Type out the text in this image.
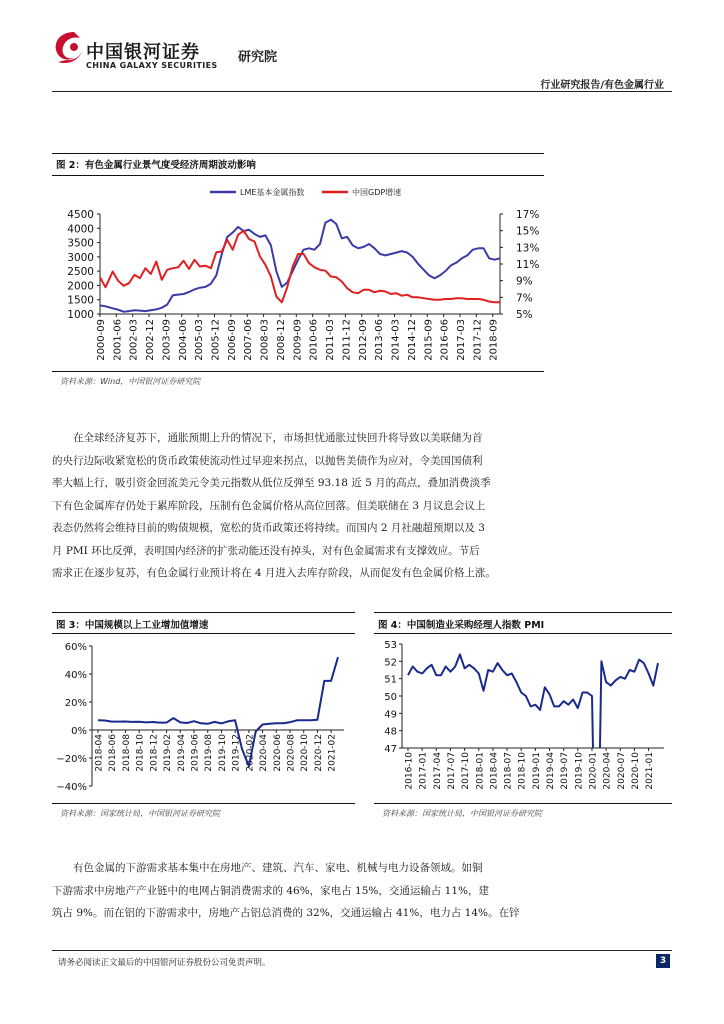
中国银河证券
CHINA GALAXY SECURITIES
研究院
行业研究报告/有色金属行业
图 2：有色金属行业景气度受经济周期波动影响
LME基本金属指数	中国GDP增速
4500
4000
3500
3000
2500
2000
1500
1000
17%
15%
13%
11%
9%
7%
5%
2000-09 2001-06 2002-03 2002-12 2003-09 2004-06 2005-03 2005-12 2006-09 2007-06 2008-03 2008-12 2009-09 2010-06 2011-03 2011-12 2012-09 2013-06 2014-03 2014-12 2015-09 2016-06 2017-03 2017-12 2018-09
资料来源：Wind，中国银河证券研究院
在全球经济复苏下，通胀预期上升的情况下，市场担忧通胀过快回升将导致以美联储为首
的央行边际收紧宽松的货币政策使流动性过早迎来拐点，以抛售美债作为应对，令美国国债利
率大幅上行，吸引资金回流美元令美元指数从低位反弹至 93.18 近 5 月的高点，叠加消费淡季
下有色金属库存仍处于累库阶段，压制有色金属价格从高位回落。但美联储在 3 月议息会议上
表态仍然将会维持目前的购债规模，宽松的货币政策还将持续。而国内 2 月社融超预期以及 3
月 PMI 环比反弹，表明国内经济的扩张动能还没有掉头，对有色金属需求有支撑效应。节后
需求正在逐步复苏，有色金属行业预计将在 4 月进入去库存阶段，从而促发有色金属价格上涨。
图 3：中国规模以上工业增加值增速
60%
40%
20%
0%
−20%
−40%
2018-04 2018-06 2018-08 2018-10 2018-12 2019-02 2019-04 2019-06 2019-08 2019-10 2019-12 2020-02 2020-04 2020-06 2020-08 2020-10 2020-12 2021-02
资料来源：国家统计局，中国银河证券研究院
图 4：中国制造业采购经理人指数 PMI
53
52
51
50
49
48
47
2016-10 2017-01 2017-04 2017-07 2017-10 2018-01 2018-04 2018-07 2018-10 2019-01 2019-04 2019-07 2019-10 2020-01 2020-04 2020-07 2020-10 2021-01
资料来源：国家统计局，中国银河证券研究院
有色金属的下游需求基本集中在房地产、建筑、汽车、家电、机械与电力设备领域。如铜
下游需求中房地产产业链中的电网占铜消费需求的 46%，家电占 15%，交通运输占 11%，建
筑占 9%。而在铝的下游需求中，房地产占铝总消费的 32%，交通运输占 41%，电力占 14%。在锌
请务必阅读正文最后的中国银河证券股份公司免责声明。	3
